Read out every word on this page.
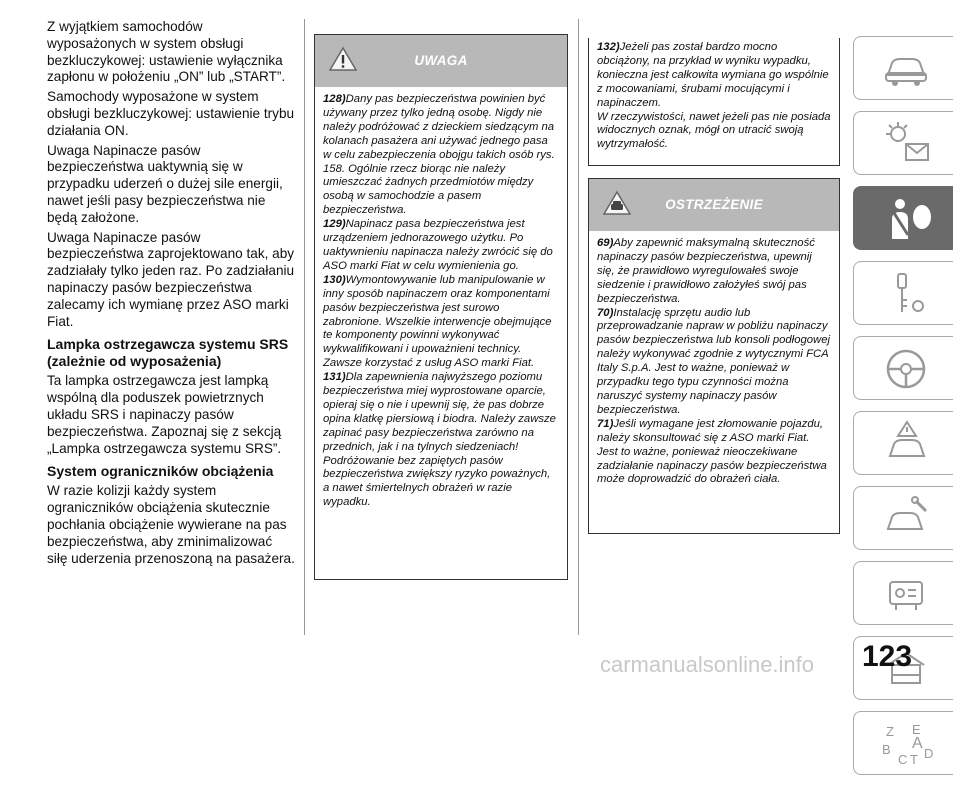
Z wyjątkiem samochodów wyposażonych w system obsługi bezkluczykowej: ustawienie wyłącznika zapłonu w położeniu „ON” lub „START”.

Samochody wyposażone w system obsługi bezkluczykowej: ustawienie trybu działania ON.

Uwaga Napinacze pasów bezpieczeństwa uaktywnią się w przypadku uderzeń o dużej sile energii, nawet jeśli pasy bezpieczeństwa nie będą założone.

Uwaga Napinacze pasów bezpieczeństwa zaprojektowano tak, aby zadziałały tylko jeden raz. Po zadziałaniu napinaczy pasów bezpieczeństwa zalecamy ich wymianę przez ASO marki Fiat.

Lampka ostrzegawcza systemu SRS (zależnie od wyposażenia)

Ta lampka ostrzegawcza jest lampką wspólną dla poduszek powietrznych układu SRS i napinaczy pasów bezpieczeństwa. Zapoznaj się z sekcją „Lampka ostrzegawcza systemu SRS”.

System ograniczników obciążenia

W razie kolizji każdy system ograniczników obciążenia skutecznie pochłania obciążenie wywierane na pas bezpieczeństwa, aby zminimalizować siłę uderzenia przenoszoną na pasażera.

UWAGA

128)Dany pas bezpieczeństwa powinien być używany przez tylko jedną osobę. Nigdy nie należy podróżować z dzieckiem siedzącym na kolanach pasażera ani używać jednego pasa w celu zabezpieczenia obojgu takich osób rys. 158. Ogólnie rzecz biorąc nie należy umieszczać żadnych przedmiotów między osobą w samochodzie a pasem bezpieczeństwa.

129)Napinacz pasa bezpieczeństwa jest urządzeniem jednorazowego użytku. Po uaktywnieniu napinacza należy zwrócić się do ASO marki Fiat w celu wymienienia go.

130)Wymontowywanie lub manipulowanie w inny sposób napinaczem oraz komponentami pasów bezpieczeństwa jest surowo zabronione. Wszelkie interwencje obejmujące te komponenty powinni wykonywać wykwalifikowani i upoważnieni technicy. Zawsze korzystać z usług ASO marki Fiat.

131)Dla zapewnienia najwyższego poziomu bezpieczeństwa miej wyprostowane oparcie, opieraj się o nie i upewnij się, że pas dobrze opina klatkę piersiową i biodra. Należy zawsze zapinać pasy bezpieczeństwa zarówno na przednich, jak i na tylnych siedzeniach! Podróżowanie bez zapiętych pasów bezpieczeństwa zwiększy ryzyko poważnych, a nawet śmiertelnych obrażeń w razie wypadku.

132)Jeżeli pas został bardzo mocno obciążony, na przykład w wyniku wypadku, konieczna jest całkowita wymiana go wspólnie z mocowaniami, śrubami mocującymi i napinaczem.

W rzeczywistości, nawet jeżeli pas nie posiada widocznych oznak, mógł on utracić swoją wytrzymałość.

OSTRZEŻENIE

69)Aby zapewnić maksymalną skuteczność napinaczy pasów bezpieczeństwa, upewnij się, że prawidłowo wyregulowałeś swoje siedzenie i prawidłowo założyłeś swój pas bezpieczeństwa.

70)Instalację sprzętu audio lub przeprowadzanie napraw w pobliżu napinaczy pasów bezpieczeństwa lub konsoli podłogowej należy wykonywać zgodnie z wytycznymi FCA Italy S.p.A. Jest to ważne, ponieważ w przypadku tego typu czynności można naruszyć systemy napinaczy pasów bezpieczeństwa.

71)Jeśli wymagane jest złomowanie pojazdu, należy skonsultować się z ASO marki Fiat. Jest to ważne, ponieważ nieoczekiwane zadziałanie napinaczy pasów bezpieczeństwa może doprowadzić do obrażeń ciała.

Z E
B
C T D
A
123
carmanualsonline.info
